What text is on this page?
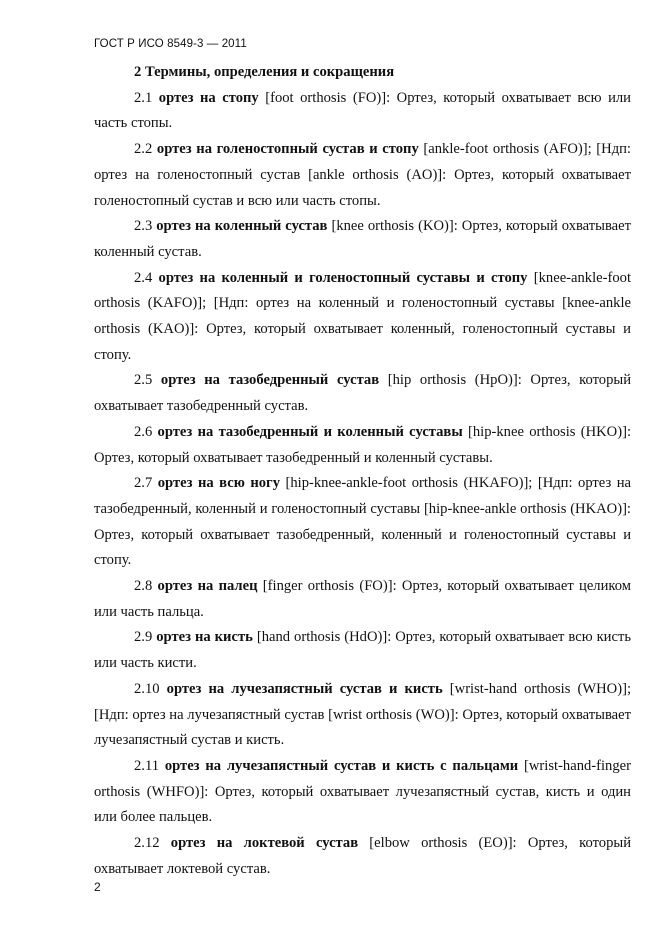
ГОСТ Р ИСО 8549-3 — 2011
2 Термины, определения и сокращения

2.1 ортез на стопу [foot orthosis (FO)]: Ортез, который охватывает всю или часть стопы.

2.2 ортез на голеностопный сустав и стопу [ankle-foot orthosis (AFO)]; [Ндп: ортез на голеностопный сустав [ankle orthosis (AO)]: Ортез, который охватывает голеностопный сустав и всю или часть стопы.

2.3 ортез на коленный сустав [knee orthosis (KO)]: Ортез, который охватывает коленный сустав.

2.4 ортез на коленный и голеностопный суставы и стопу [knee-ankle-foot orthosis (KAFO)]; [Ндп: ортез на коленный и голеностопный суставы [knee-ankle orthosis (KAO)]: Ортез, который охватывает коленный, голеностопный суставы и стопу.

2.5 ортез на тазобедренный сустав [hip orthosis (HpO)]: Ортез, который охватывает тазобедренный сустав.

2.6 ортез на тазобедренный и коленный суставы [hip-knee orthosis (HKO)]: Ортез, который охватывает тазобедренный и коленный суставы.

2.7 ортез на всю ногу [hip-knee-ankle-foot orthosis (HKAFO)]; [Ндп: ортез на тазобедренный, коленный и голеностопный суставы [hip-knee-ankle orthosis (HKAO)]: Ортез, который охватывает тазобедренный, коленный и голеностопный суставы и стопу.

2.8 ортез на палец [finger orthosis (FO)]: Ортез, который охватывает целиком или часть пальца.

2.9 ортез на кисть [hand orthosis (HdO)]: Ортез, который охватывает всю кисть или часть кисти.

2.10 ортез на лучезапястный сустав и кисть [wrist-hand orthosis (WHO)]; [Ндп: ортез на лучезапястный сустав [wrist orthosis (WO)]: Ортез, который охватывает лучезапястный сустав и кисть.

2.11 ортез на лучезапястный сустав и кисть с пальцами [wrist-hand-finger orthosis (WHFO)]: Ортез, который охватывает лучезапястный сустав, кисть и один или более пальцев.

2.12 ортез на локтевой сустав [elbow orthosis (EO)]: Ортез, который охватывает локтевой сустав.

2
